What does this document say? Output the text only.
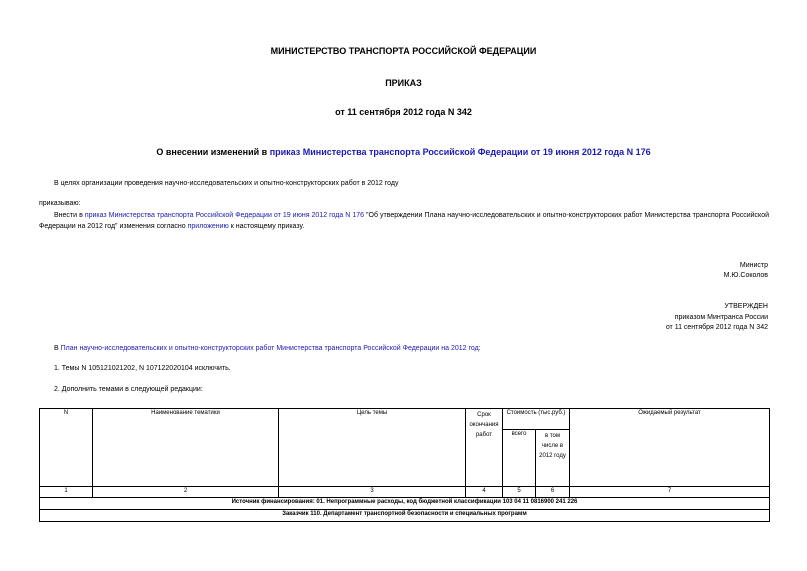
МИНИСТЕРСТВО ТРАНСПОРТА РОССИЙСКОЙ ФЕДЕРАЦИИ
ПРИКАЗ
от 11 сентября 2012 года N 342
О внесении изменений в приказ Министерства транспорта Российской Федерации от 19 июня 2012 года N 176
В целях организации проведения научно-исследовательских и опытно-конструкторских работ в 2012 году
приказываю:
Внести в приказ Министерства транспорта Российской Федерации от 19 июня 2012 года N 176 "Об утверждении Плана научно-исследовательских и опытно-конструкторских работ Министерства транспорта Российской Федерации на 2012 год" изменения согласно приложению к настоящему приказу.
Министр
М.Ю.Соколов
УТВЕРЖДЕН
приказом Минтранса России
от 11 сентября 2012 года N 342
В План научно-исследовательских и опытно-конструкторских работ Министерства транспорта Российской Федерации на 2012 год:
1. Темы N 105121021202, N 107122020104 исключить.
2. Дополнить темами в следующей редакции:
N	Наименование тематики	Цель темы	Срок окончания работ	Стоимость (тыс.руб.)		Ожидаемый результат
				всего	в том числе в 2012 году	
1	2	3	4	5	6	7
Источник финансирования: 01. Непрограммные расходы, код бюджетной классификации 103 04 11 0816900 241 226						
Заказчик 110. Департамент транспортной безопасности и специальных программ						
